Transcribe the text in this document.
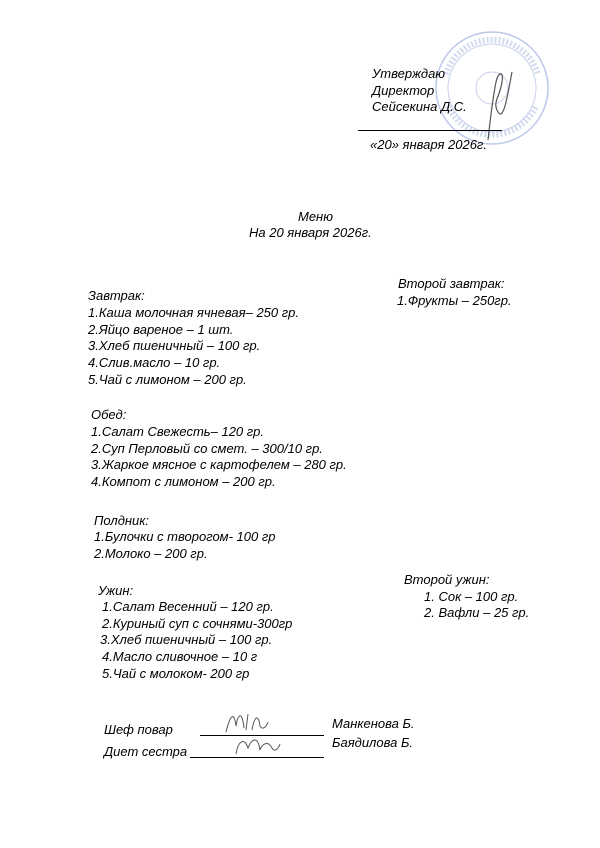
Утверждаю
Директор
Сейсекина Д.С.
«20» января 2026г.
Меню
На 20 января 2026г.
Завтрак:
1.Каша молочная ячневая– 250 гр.
2.Яйцо вареное – 1 шт.
3.Хлеб пшеничный – 100 гр.
4.Слив.масло – 10 гр.
5.Чай с лимоном – 200 гр.
Второй завтрак:
1.Фрукты – 250гр.
Обед:
1.Салат Свежесть– 120 гр.
2.Суп Перловый со смет. – 300/10 гр.
3.Жаркое мясное с картофелем – 280 гр.
4.Компот с лимоном – 200 гр.
Полдник:
1.Булочки с творогом- 100 гр
2.Молоко – 200 гр.
Ужин:
1.Салат Весенний – 120 гр.
2.Куриный суп с сочнями-300гр
3.Хлеб пшеничный – 100 гр.
4.Масло сливочное – 10 г
5.Чай с молоком- 200 гр
Второй ужин:
1. Сок – 100 гр.
2. Вафли – 25 гр.
Шеф повар	Манкенова Б.
Диет сестра
Баядилова Б.
